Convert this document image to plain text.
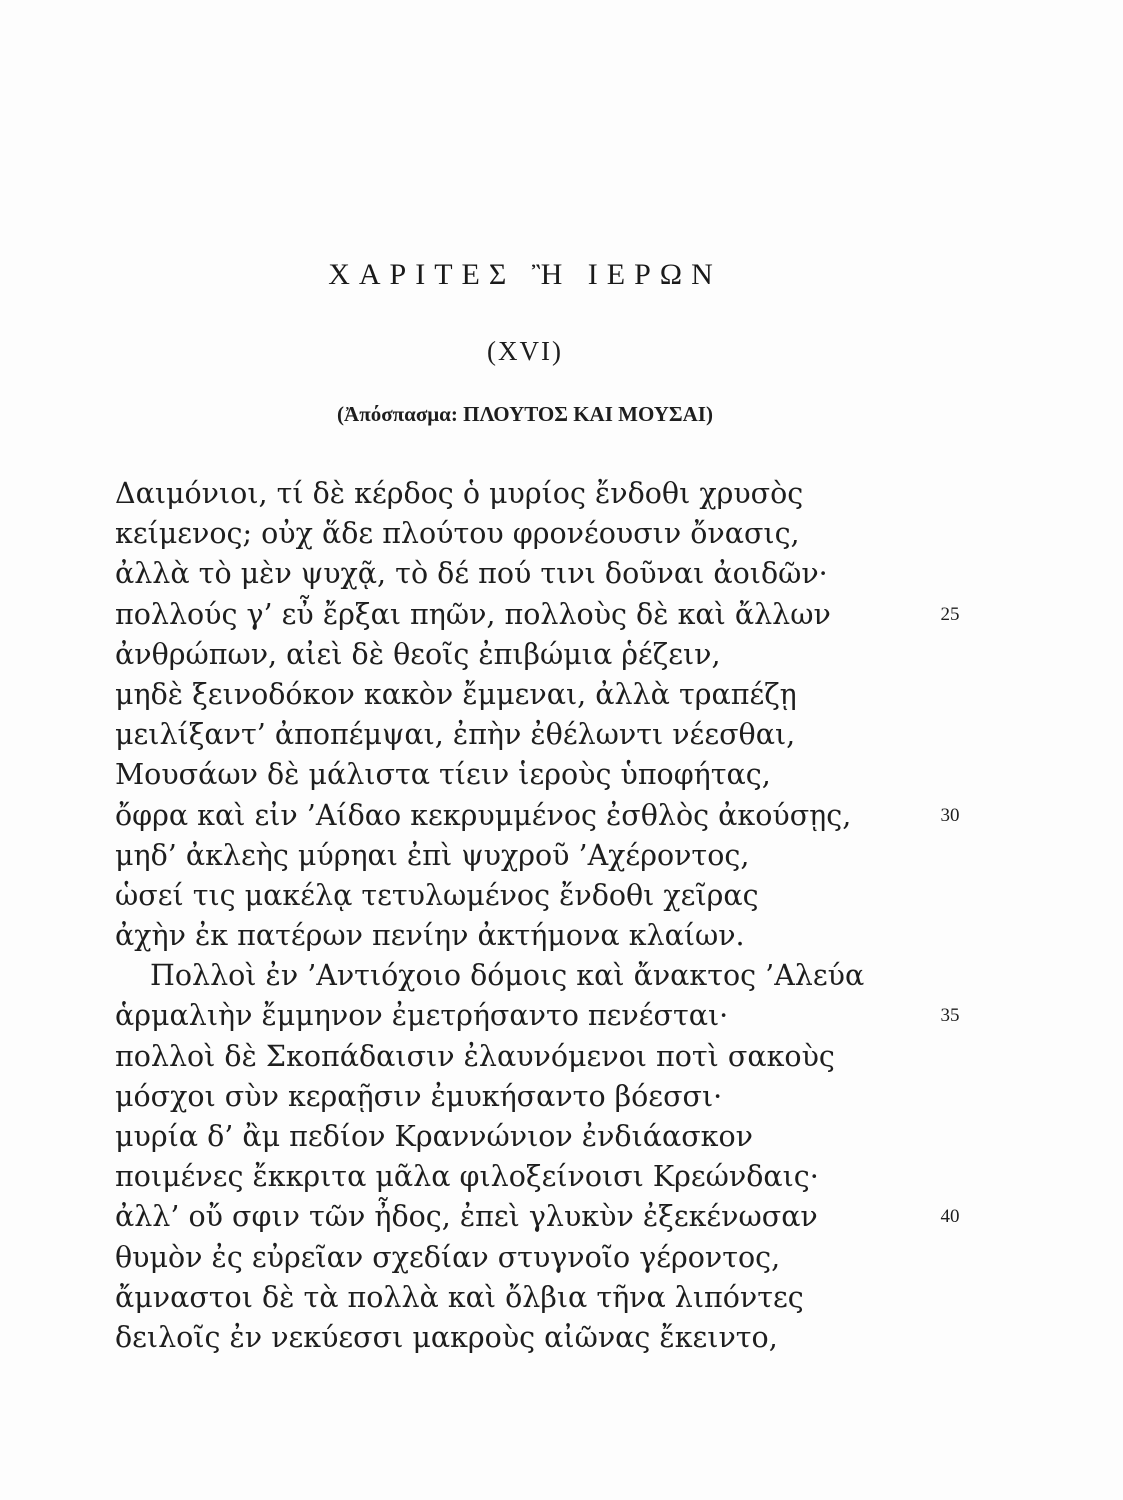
ΧΑΡΙΤΕΣ Ἢ ΙΕΡΩΝ
(XVI)
(Ἀπόσπασμα: ΠΛΟΥΤΟΣ ΚΑΙ ΜΟΥΣΑΙ)
Δαιμόνιοι, τί δὲ κέρδος ὁ μυρίος ἔνδοθι χρυσὸς
κείμενος; οὐχ ἅδε πλούτου φρονέουσιν ὄνασις,
ἀλλὰ τὸ μὲν ψυχᾷ, τὸ δέ πού τινι δοῦναι ἀοιδῶν·
πολλούς γ’ εὖ ἔρξαι πηῶν, πολλοὺς δὲ καὶ ἄλλων
ἀνθρώπων, αἰεὶ δὲ θεοῖς ἐπιβώμια ῥέζειν,
μηδὲ ξεινοδόκον κακὸν ἔμμεναι, ἀλλὰ τραπέζῃ
μειλίξαντ’ ἀποπέμψαι, ἐπὴν ἐθέλωντι νέεσθαι,
Μουσάων δὲ μάλιστα τίειν ἱεροὺς ὑποφήτας,
ὄφρα καὶ εἰν ’Αίδαο κεκρυμμένος ἐσθλὸς ἀκούσῃς,
μηδ’ ἀκλεὴς μύρηαι ἐπὶ ψυχροῦ ’Αχέροντος,
ὡσεί τις μακέλᾳ τετυλωμένος ἔνδοθι χεῖρας
ἀχὴν ἐκ πατέρων πενίην ἀκτήμονα κλαίων.
Πολλοὶ ἐν ’Αντιόχοιο δόμοις καὶ ἄνακτος ’Αλεύα
ἁρμαλιὴν ἔμμηνον ἐμετρήσαντο πενέσται·
πολλοὶ δὲ Σκοπάδαισιν ἐλαυνόμενοι ποτὶ σακοὺς
μόσχοι σὺν κεραῇσιν ἐμυκήσαντο βόεσσι·
μυρία δ’ ἂμ πεδίον Κραννώνιον ἐνδιάασκον
ποιμένες ἔκκριτα μᾶλα φιλοξείνοισι Κρεώνδαις·
ἀλλ’ οὔ σφιν τῶν ἦδος, ἐπεὶ γλυκὺν ἐξεκένωσαν
θυμὸν ἐς εὐρεῖαν σχεδίαν στυγνοῖο γέροντος,
ἄμναστοι δὲ τὰ πολλὰ καὶ ὄλβια τῆνα λιπόντες
δειλοῖς ἐν νεκύεσσι μακροὺς αἰῶνας ἔκειντο,
25
30
35
40
